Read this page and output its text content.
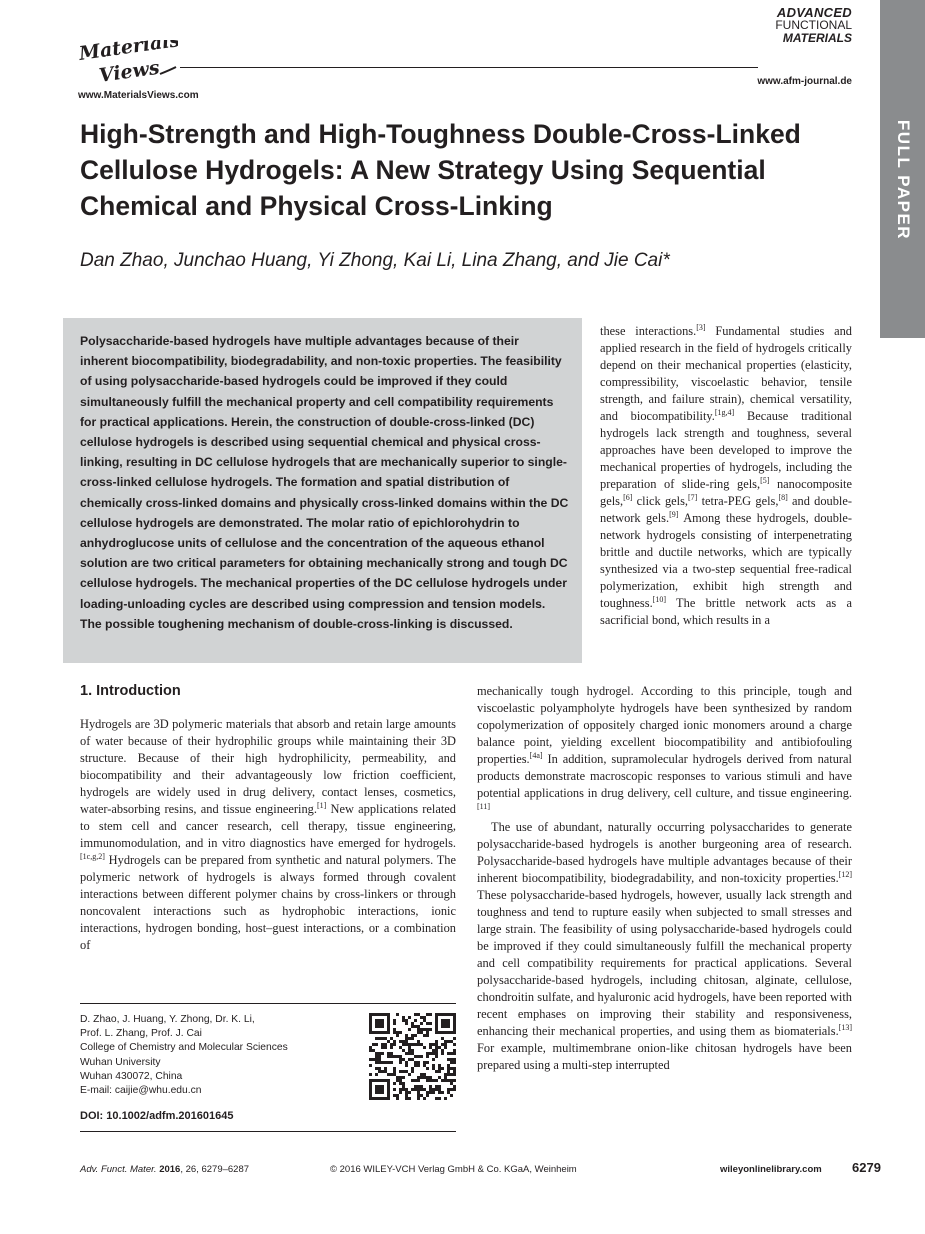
Materials
Views
www.MaterialsViews.com
ADVANCED
FUNCTIONAL
MATERIALS
www.afm-journal.de
FULL PAPER
High-Strength and High-Toughness Double-Cross-Linked
Cellulose Hydrogels: A New Strategy Using Sequential
Chemical and Physical Cross-Linking
Dan Zhao, Junchao Huang, Yi Zhong, Kai Li, Lina Zhang, and Jie Cai*
Polysaccharide-based hydrogels have multiple advantages because of their inherent biocompatibility, biodegradability, and non-toxic properties. The feasibility of using polysaccharide-based hydrogels could be improved if they could simultaneously fulfill the mechanical property and cell compatibility requirements for practical applications. Herein, the construction of double-cross-linked (DC) cellulose hydrogels is described using sequential chemical and physical cross-linking, resulting in DC cellulose hydrogels that are mechanically superior to single-cross-linked cellulose hydrogels. The formation and spatial distribution of chemically cross-linked domains and physically cross-linked domains within the DC cellulose hydrogels are demonstrated. The molar ratio of epichlorohydrin to anhydroglucose units of cellulose and the concentration of the aqueous ethanol solution are two critical parameters for obtaining mechanically strong and tough DC cellulose hydrogels. The mechanical properties of the DC cellulose hydrogels under loading-unloading cycles are described using compression and tension models. The possible toughening mechanism of double-cross-linking is discussed.

these interactions.[3] Fundamental studies and applied research in the field of hydrogels critically depend on their mechanical properties (elasticity, compressibility, viscoelastic behavior, tensile strength, and failure strain), chemical versatility, and biocompatibility.[1g,4] Because traditional hydrogels lack strength and toughness, several approaches have been developed to improve the mechanical properties of hydrogels, including the preparation of slide-ring gels,[5] nanocomposite gels,[6] click gels,[7] tetra-PEG gels,[8] and double-network gels.[9] Among these hydrogels, double-network hydrogels consisting of interpenetrating brittle and ductile networks, which are typically synthesized via a two-step sequential free-radical polymerization, exhibit high strength and toughness.[10] The brittle network acts as a sacrificial bond, which results in a

1. Introduction

Hydrogels are 3D polymeric materials that absorb and retain large amounts of water because of their hydrophilic groups while maintaining their 3D structure. Because of their high hydrophilicity, permeability, and biocompatibility and their advantageously low friction coefficient, hydrogels are widely used in drug delivery, contact lenses, cosmetics, water-absorbing resins, and tissue engineering.[1] New applications related to stem cell and cancer research, cell therapy, tissue engineering, immunomodulation, and in vitro diagnostics have emerged for hydrogels.[1c,g,2] Hydrogels can be prepared from synthetic and natural polymers. The polymeric network of hydrogels is always formed through covalent interactions between different polymer chains by cross-linkers or through noncovalent interactions such as hydrophobic interactions, ionic interactions, hydrogen bonding, host–guest interactions, or a combination of

mechanically tough hydrogel. According to this principle, tough and viscoelastic polyampholyte hydrogels have been synthesized by random copolymerization of oppositely charged ionic monomers around a charge balance point, yielding excellent biocompatibility and antibiofouling properties.[4a] In addition, supramolecular hydrogels derived from natural products demonstrate macroscopic responses to various stimuli and have potential applications in drug delivery, cell culture, and tissue engineering.[11]

The use of abundant, naturally occurring polysaccharides to generate polysaccharide-based hydrogels is another burgeoning area of research. Polysaccharide-based hydrogels have multiple advantages because of their inherent biocompatibility, biodegradability, and non-toxicity properties.[12] These polysaccharide-based hydrogels, however, usually lack strength and toughness and tend to rupture easily when subjected to small stresses and large strain. The feasibility of using polysaccharide-based hydrogels could be improved if they could simultaneously fulfill the mechanical property and cell compatibility requirements for practical applications. Several polysaccharide-based hydrogels, including chitosan, alginate, cellulose, chondroitin sulfate, and hyaluronic acid hydrogels, have been reported with recent emphases on improving their stability and responsiveness, enhancing their mechanical properties, and using them as biomaterials.[13] For example, multimembrane onion-like chitosan hydrogels have been prepared using a multi-step interrupted

D. Zhao, J. Huang, Y. Zhong, Dr. K. Li,
Prof. L. Zhang, Prof. J. Cai
College of Chemistry and Molecular Sciences
Wuhan University
Wuhan 430072, China
E-mail: caijie@whu.edu.cn
DOI: 10.1002/adfm.201601645
Adv. Funct. Mater. 2016, 26, 6279–6287	© 2016 WILEY-VCH Verlag GmbH & Co. KGaA, Weinheim	wileyonlinelibrary.com 6279
